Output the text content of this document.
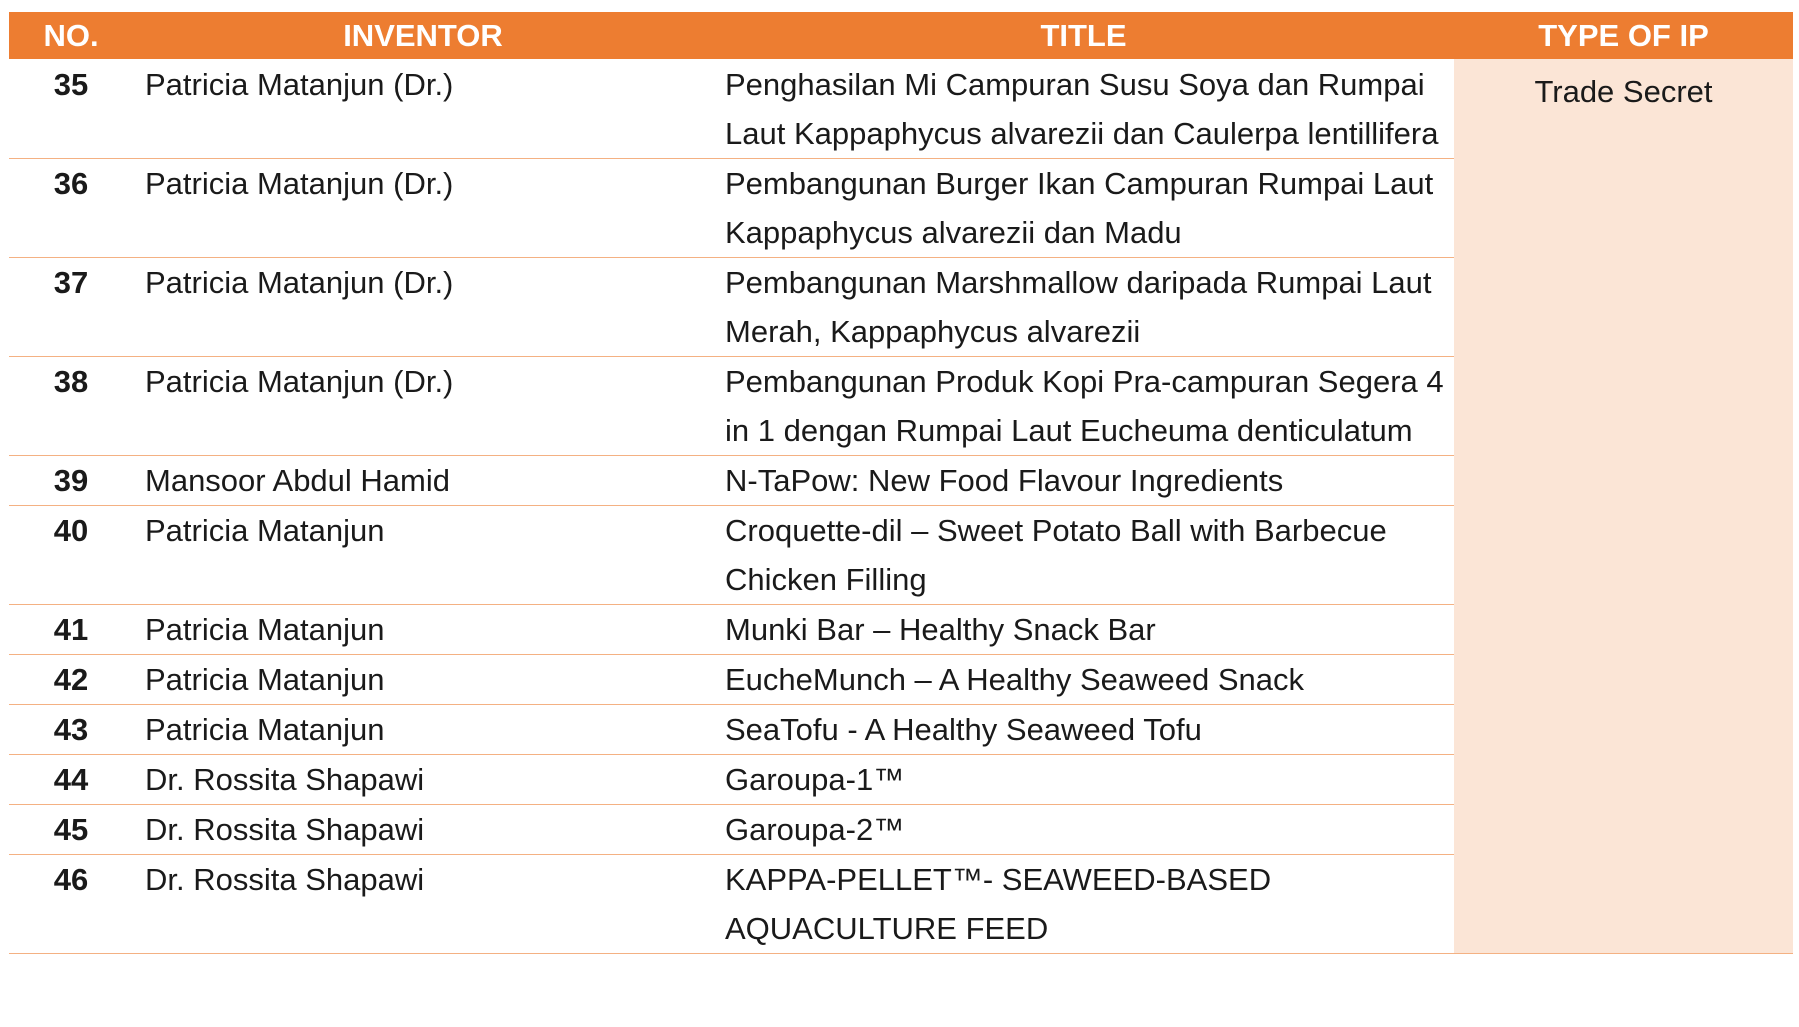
NO.	INVENTOR	TITLE	TYPE OF IP
35	Patricia Matanjun (Dr.)	Penghasilan Mi Campuran Susu Soya dan Rumpai Laut Kappaphycus alvarezii dan Caulerpa lentillifera	Trade Secret
36	Patricia Matanjun (Dr.)	Pembangunan Burger Ikan Campuran Rumpai Laut Kappaphycus alvarezii dan Madu	
37	Patricia Matanjun (Dr.)	Pembangunan Marshmallow daripada Rumpai Laut Merah, Kappaphycus alvarezii	
38	Patricia Matanjun (Dr.)	Pembangunan Produk Kopi Pra-campuran Segera 4 in 1 dengan Rumpai Laut Eucheuma denticulatum	
39	Mansoor Abdul Hamid	N-TaPow: New Food Flavour Ingredients	
40	Patricia Matanjun	Croquette-dil – Sweet Potato Ball with Barbecue Chicken Filling	
41	Patricia Matanjun	Munki Bar – Healthy Snack Bar	
42	Patricia Matanjun	EucheMunch – A Healthy Seaweed Snack	
43	Patricia Matanjun	SeaTofu - A Healthy Seaweed Tofu	
44	Dr. Rossita Shapawi	Garoupa-1™	
45	Dr. Rossita Shapawi	Garoupa-2™	
46	Dr. Rossita Shapawi	KAPPA-PELLET™- SEAWEED-BASED AQUACULTURE FEED	
